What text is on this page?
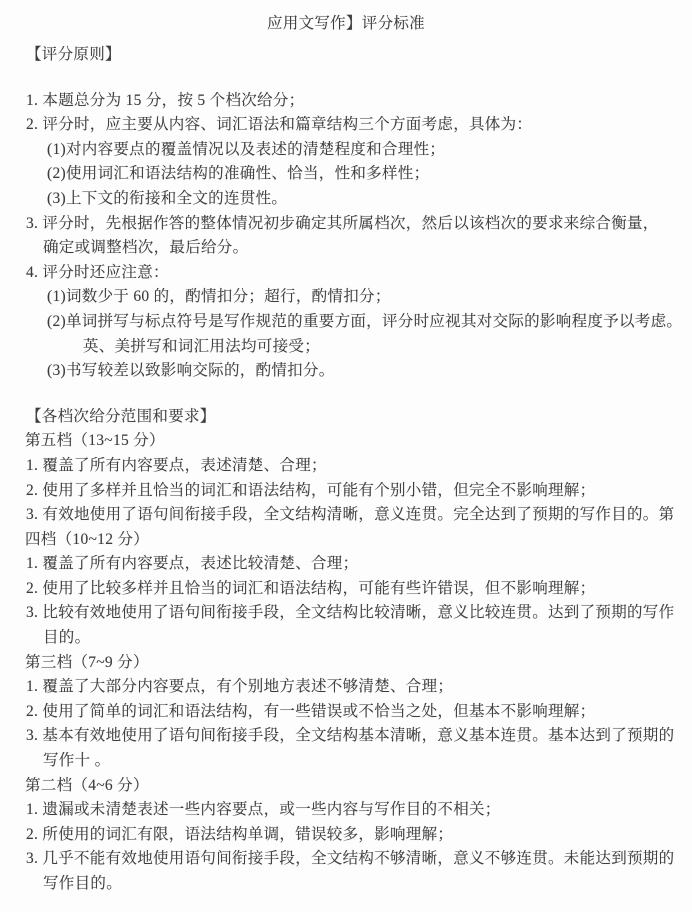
应用文写作】评分标准

【评分原则】

1. 本题总分为 15 分，按 5 个档次给分；

2. 评分时，应主要从内容、词汇语法和篇章结构三个方面考虑，具体为：

(1)对内容要点的覆盖情况以及表述的清楚程度和合理性；

(2)使用词汇和语法结构的准确性、恰当，性和多样性；

(3)上下文的衔接和全文的连贯性。

3. 评分时，先根据作答的整体情况初步确定其所属档次，然后以该档次的要求来综合衡量，

确定或调整档次，最后给分。

4. 评分时还应注意：

(1)词数少于 60 的，酌情扣分；超行，酌情扣分；

(2)单词拼写与标点符号是写作规范的重要方面，评分时应视其对交际的影响程度予以考虑。

英、美拼写和词汇用法均可接受；

(3)书写较差以致影响交际的，酌情扣分。

【各档次给分范围和要求】

第五档（13~15 分）

1. 覆盖了所有内容要点，表述清楚、合理；

2. 使用了多样并且恰当的词汇和语法结构，可能有个别小错，但完全不影响理解；

3. 有效地使用了语句间衔接手段，全文结构清晰，意义连贯。完全达到了预期的写作目的。第

四档（10~12 分）

1. 覆盖了所有内容要点，表述比较清楚、合理；

2. 使用了比较多样并且恰当的词汇和语法结构，可能有些许错误，但不影响理解；

3. 比较有效地使用了语句间衔接手段，全文结构比较清晰，意义比较连贯。达到了预期的写作

目的。

第三档（7~9 分）

1. 覆盖了大部分内容要点，有个别地方表述不够清楚、合理；

2. 使用了简单的词汇和语法结构，有一些错误或不恰当之处，但基本不影响理解；

3. 基本有效地使用了语句间衔接手段，全文结构基本清晰，意义基本连贯。基本达到了预期的

写作十 。

第二档（4~6 分）

1. 遗漏或未清楚表述一些内容要点，或一些内容与写作目的不相关；

2. 所使用的词汇有限，语法结构单调，错误较多，影响理解；

3. 几乎不能有效地使用语句间衔接手段，全文结构不够清晰，意义不够连贯。未能达到预期的

写作目的。
